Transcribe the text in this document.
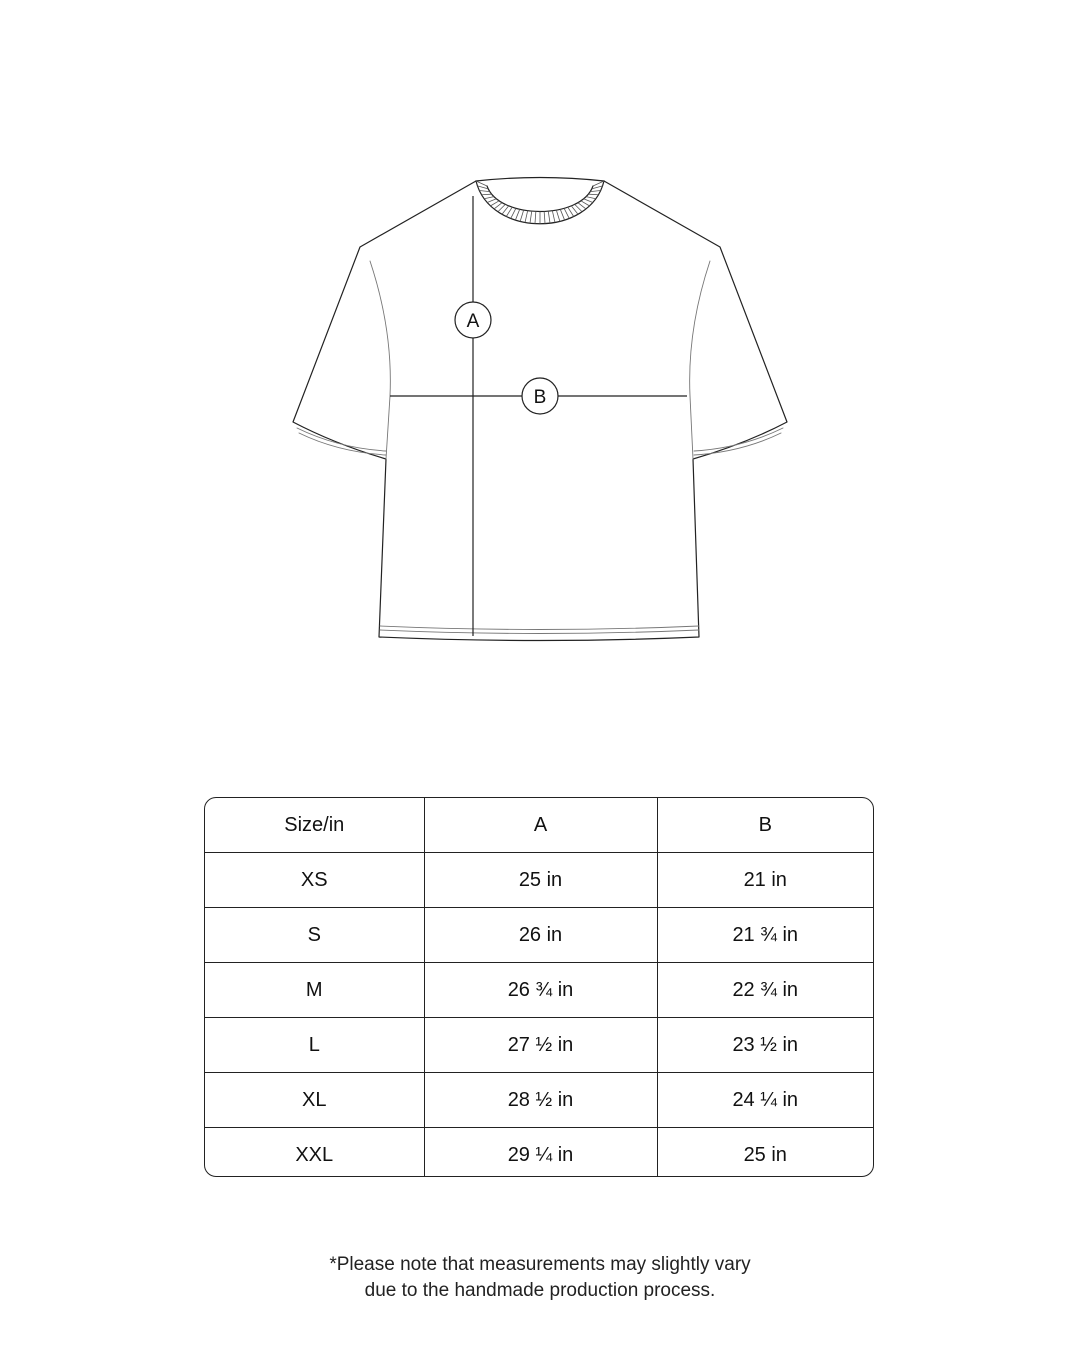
A
B
Size/in	A	B
XS	25 in	21 in
S	26 in	21 ¾ in
M	26 ¾ in	22 ¾ in
L	27 ½ in	23 ½ in
XL	28 ½ in	24 ¼ in
XXL	29 ¼ in	25 in
*Please note that measurements may slightly vary
due to the handmade production process.
